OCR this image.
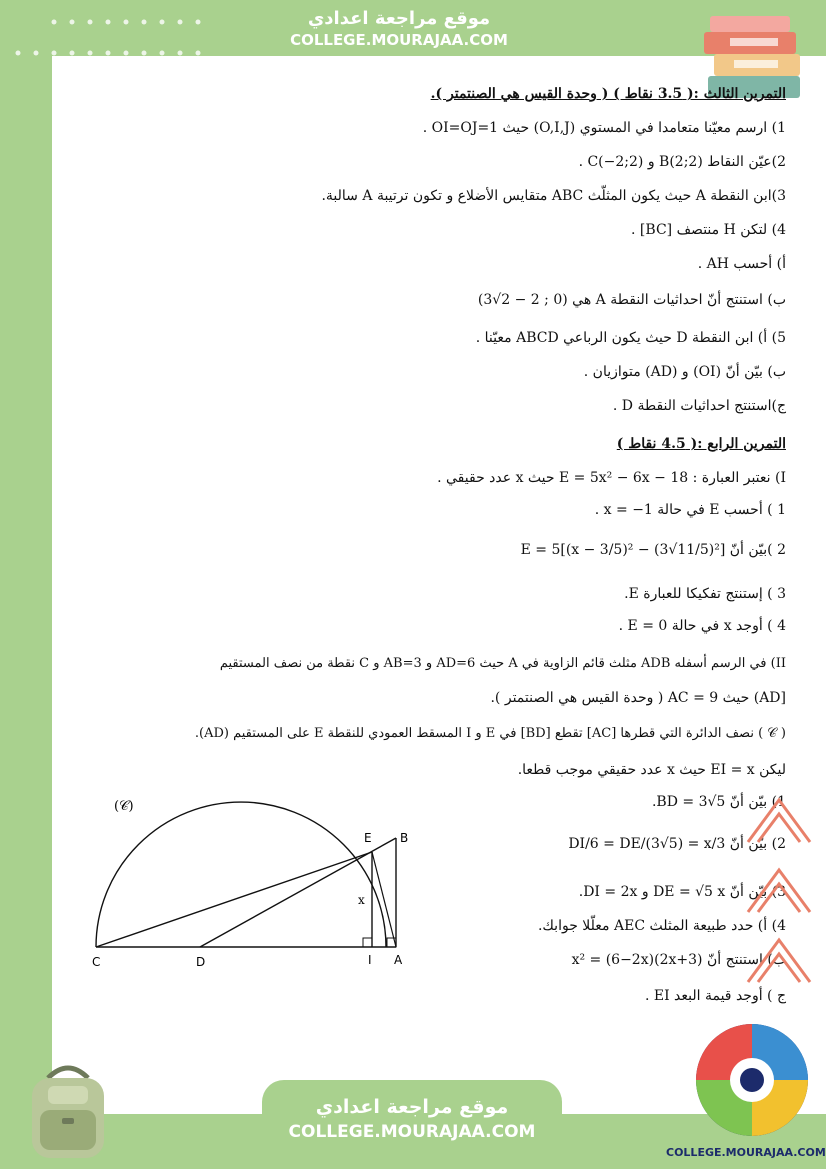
موقع مراجعة اعدادي
COLLEGE.MOURAJAA.COM
التمرين الثالث :( 3.5 نقاط ) ( وحدة القيس هي الصنتمتر ).
1) ارسم معيّنا متعامدا في المستوي (O,I,J) حيث OI=OJ=1 .
2)عيّن النقاط B(2;2) و C(−2;2) .
3)ابن النقطة A حيث يكون المثلّث ABC متقايس الأضلاع و تكون ترتيبة A سالبة.
4) لتكن H منتصف [BC] .
أ) أحسب AH .
ب) استنتج أنّ احداثيات النقطة A هي (0 ; 2 − 2√3)
5) أ) ابن النقطة D حيث يكون الرباعي ABCD معيّنا .
ب) بيّن أنّ (OI) و (AD) متوازيان .
ج)استنتج احداثيات النقطة D .
التمرين الرابع :( 4.5 نقاط )
I) نعتبر العبارة : E = 5x² − 6x − 18 حيث x عدد حقيقي .
1 ) أحسب E في حالة x = −1 .
2 )بيّن أنّ E = 5[(x − 3/5)² − (3√11/5)²]
3 ) إستنتج تفكيكا للعبارة E.
4 ) أوجد x في حالة E = 0 .
II) في الرسم أسفله ADB مثلث قائم الزاوية في A حيث AD=6 و AB=3 و C نقطة من نصف المستقيم
[AD) حيث AC = 9 ( وحدة القيس هي الصنتمتر ).
( 𝒞 ) نصف الدائرة التي قطرها [AC] تقطع [BD] في E و I المسقط العمودي للنقطة E على المستقيم (AD).
ليكن EI = x حيث x عدد حقيقي موجب قطعا.
1) بيّن أنّ BD = 3√5.
2) بيّن أنّ DI/6 = DE/(3√5) = x/3
3) بيّن أنّ DE = √5 x و DI = 2x.
4) أ) حدد طبيعة المثلث AEC معلّلا جوابك.
ب) استنتج أنّ (3+2x)(6−2x) = x²
ج ) أوجد قيمة البعد EI .
(𝒞)
E B
C	D	I A
x
موقع مراجعة اعدادي
COLLEGE.MOURAJAA.COM
COLLEGE.MOURAJAA.COM
